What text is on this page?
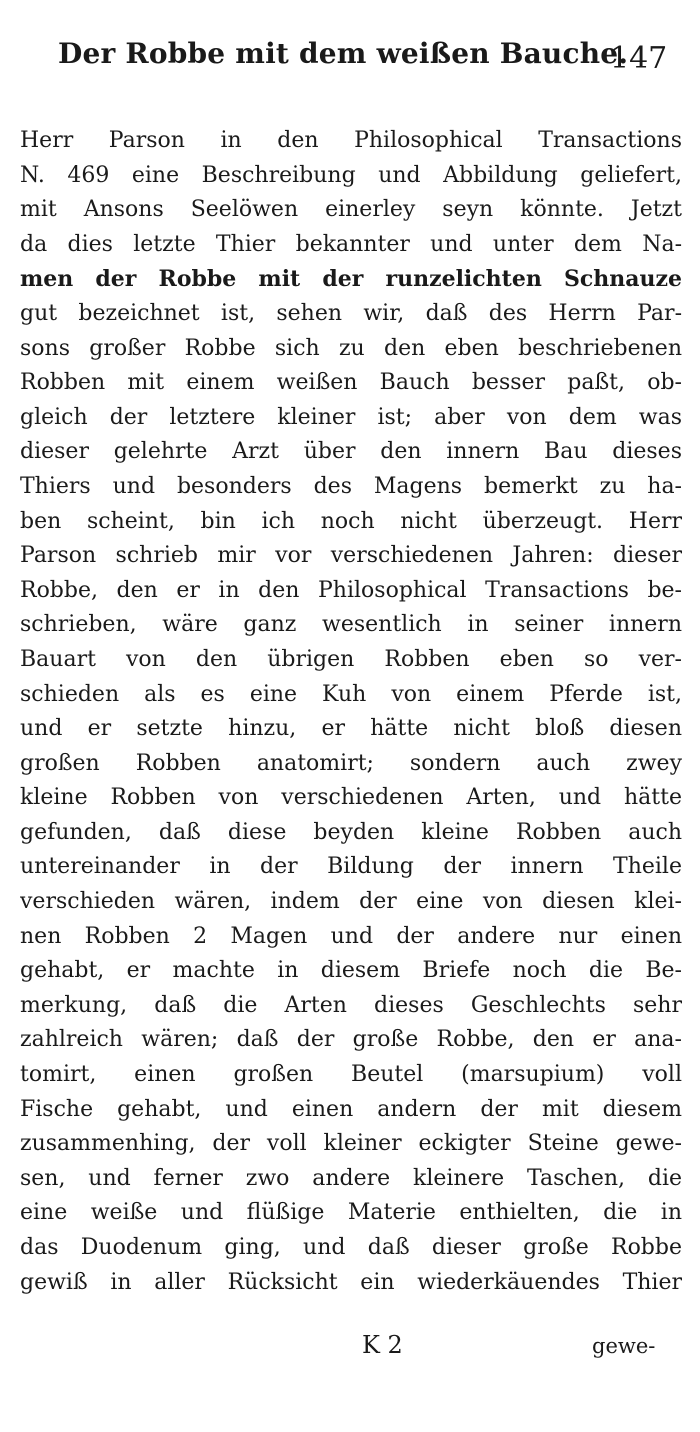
Der Robbe mit dem weißen Bauche.
147
Herr Parson in den Philosophical Transactions
N. 469 eine Beschreibung und Abbildung geliefert,
mit Ansons Seelöwen einerley seyn könnte. Jetzt
da dies letzte Thier bekannter und unter dem Na-
men der Robbe mit der runzelichten Schnauze
gut bezeichnet ist, sehen wir, daß des Herrn Par-
sons großer Robbe sich zu den eben beschriebenen
Robben mit einem weißen Bauch besser paßt, ob-
gleich der letztere kleiner ist; aber von dem was
dieser gelehrte Arzt über den innern Bau dieses
Thiers und besonders des Magens bemerkt zu ha-
ben scheint, bin ich noch nicht überzeugt. Herr
Parson schrieb mir vor verschiedenen Jahren: dieser
Robbe, den er in den Philosophical Transactions be-
schrieben, wäre ganz wesentlich in seiner innern
Bauart von den übrigen Robben eben so ver-
schieden als es eine Kuh von einem Pferde ist,
und er setzte hinzu, er hätte nicht bloß diesen
großen Robben anatomirt; sondern auch zwey
kleine Robben von verschiedenen Arten, und hätte
gefunden, daß diese beyden kleine Robben auch
untereinander in der Bildung der innern Theile
verschieden wären, indem der eine von diesen klei-
nen Robben 2 Magen und der andere nur einen
gehabt, er machte in diesem Briefe noch die Be-
merkung, daß die Arten dieses Geschlechts sehr
zahlreich wären; daß der große Robbe, den er ana-
tomirt, einen großen Beutel (marsupium) voll
Fische gehabt, und einen andern der mit diesem
zusammenhing, der voll kleiner eckigter Steine gewe-
sen, und ferner zwo andere kleinere Taschen, die
eine weiße und flüßige Materie enthielten, die in
das Duodenum ging, und daß dieser große Robbe
gewiß in aller Rücksicht ein wiederkäuendes Thier
K 2	gewe-
